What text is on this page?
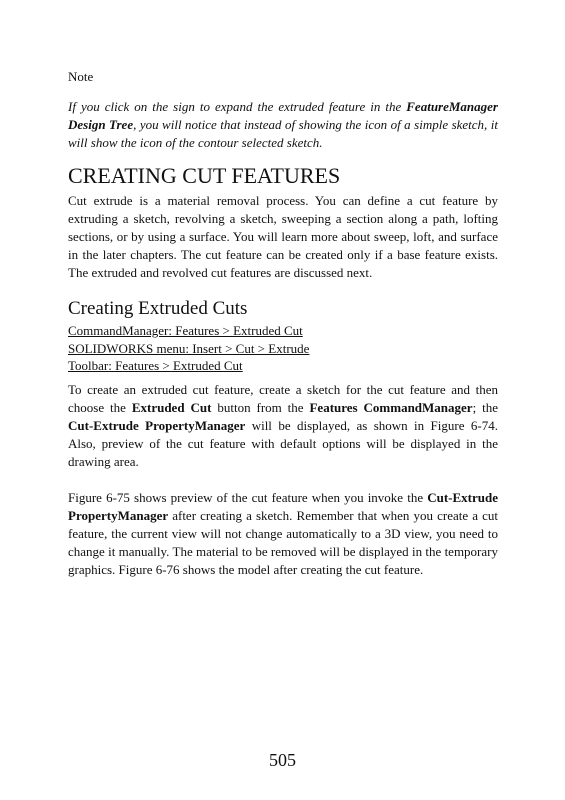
Note

If you click on the sign to expand the extruded feature in the FeatureManager Design Tree, you will notice that instead of showing the icon of a simple sketch, it will show the icon of the contour selected sketch.

CREATING CUT FEATURES

Cut extrude is a material removal process. You can define a cut feature by extruding a sketch, revolving a sketch, sweeping a section along a path, lofting sections, or by using a surface. You will learn more about sweep, loft, and surface in the later chapters. The cut feature can be created only if a base feature exists. The extruded and revolved cut features are discussed next.

Creating Extruded Cuts
CommandManager: Features > Extruded Cut
SOLIDWORKS menu: Insert > Cut > Extrude
Toolbar: Features > Extruded Cut

To create an extruded cut feature, create a sketch for the cut feature and then choose the Extruded Cut button from the Features CommandManager; the Cut-Extrude PropertyManager will be displayed, as shown in Figure 6-74. Also, preview of the cut feature with default options will be displayed in the drawing area.

Figure 6-75 shows preview of the cut feature when you invoke the Cut-Extrude PropertyManager after creating a sketch. Remember that when you create a cut feature, the current view will not change automatically to a 3D view, you need to change it manually. The material to be removed will be displayed in the temporary graphics. Figure 6-76 shows the model after creating the cut feature.

505
